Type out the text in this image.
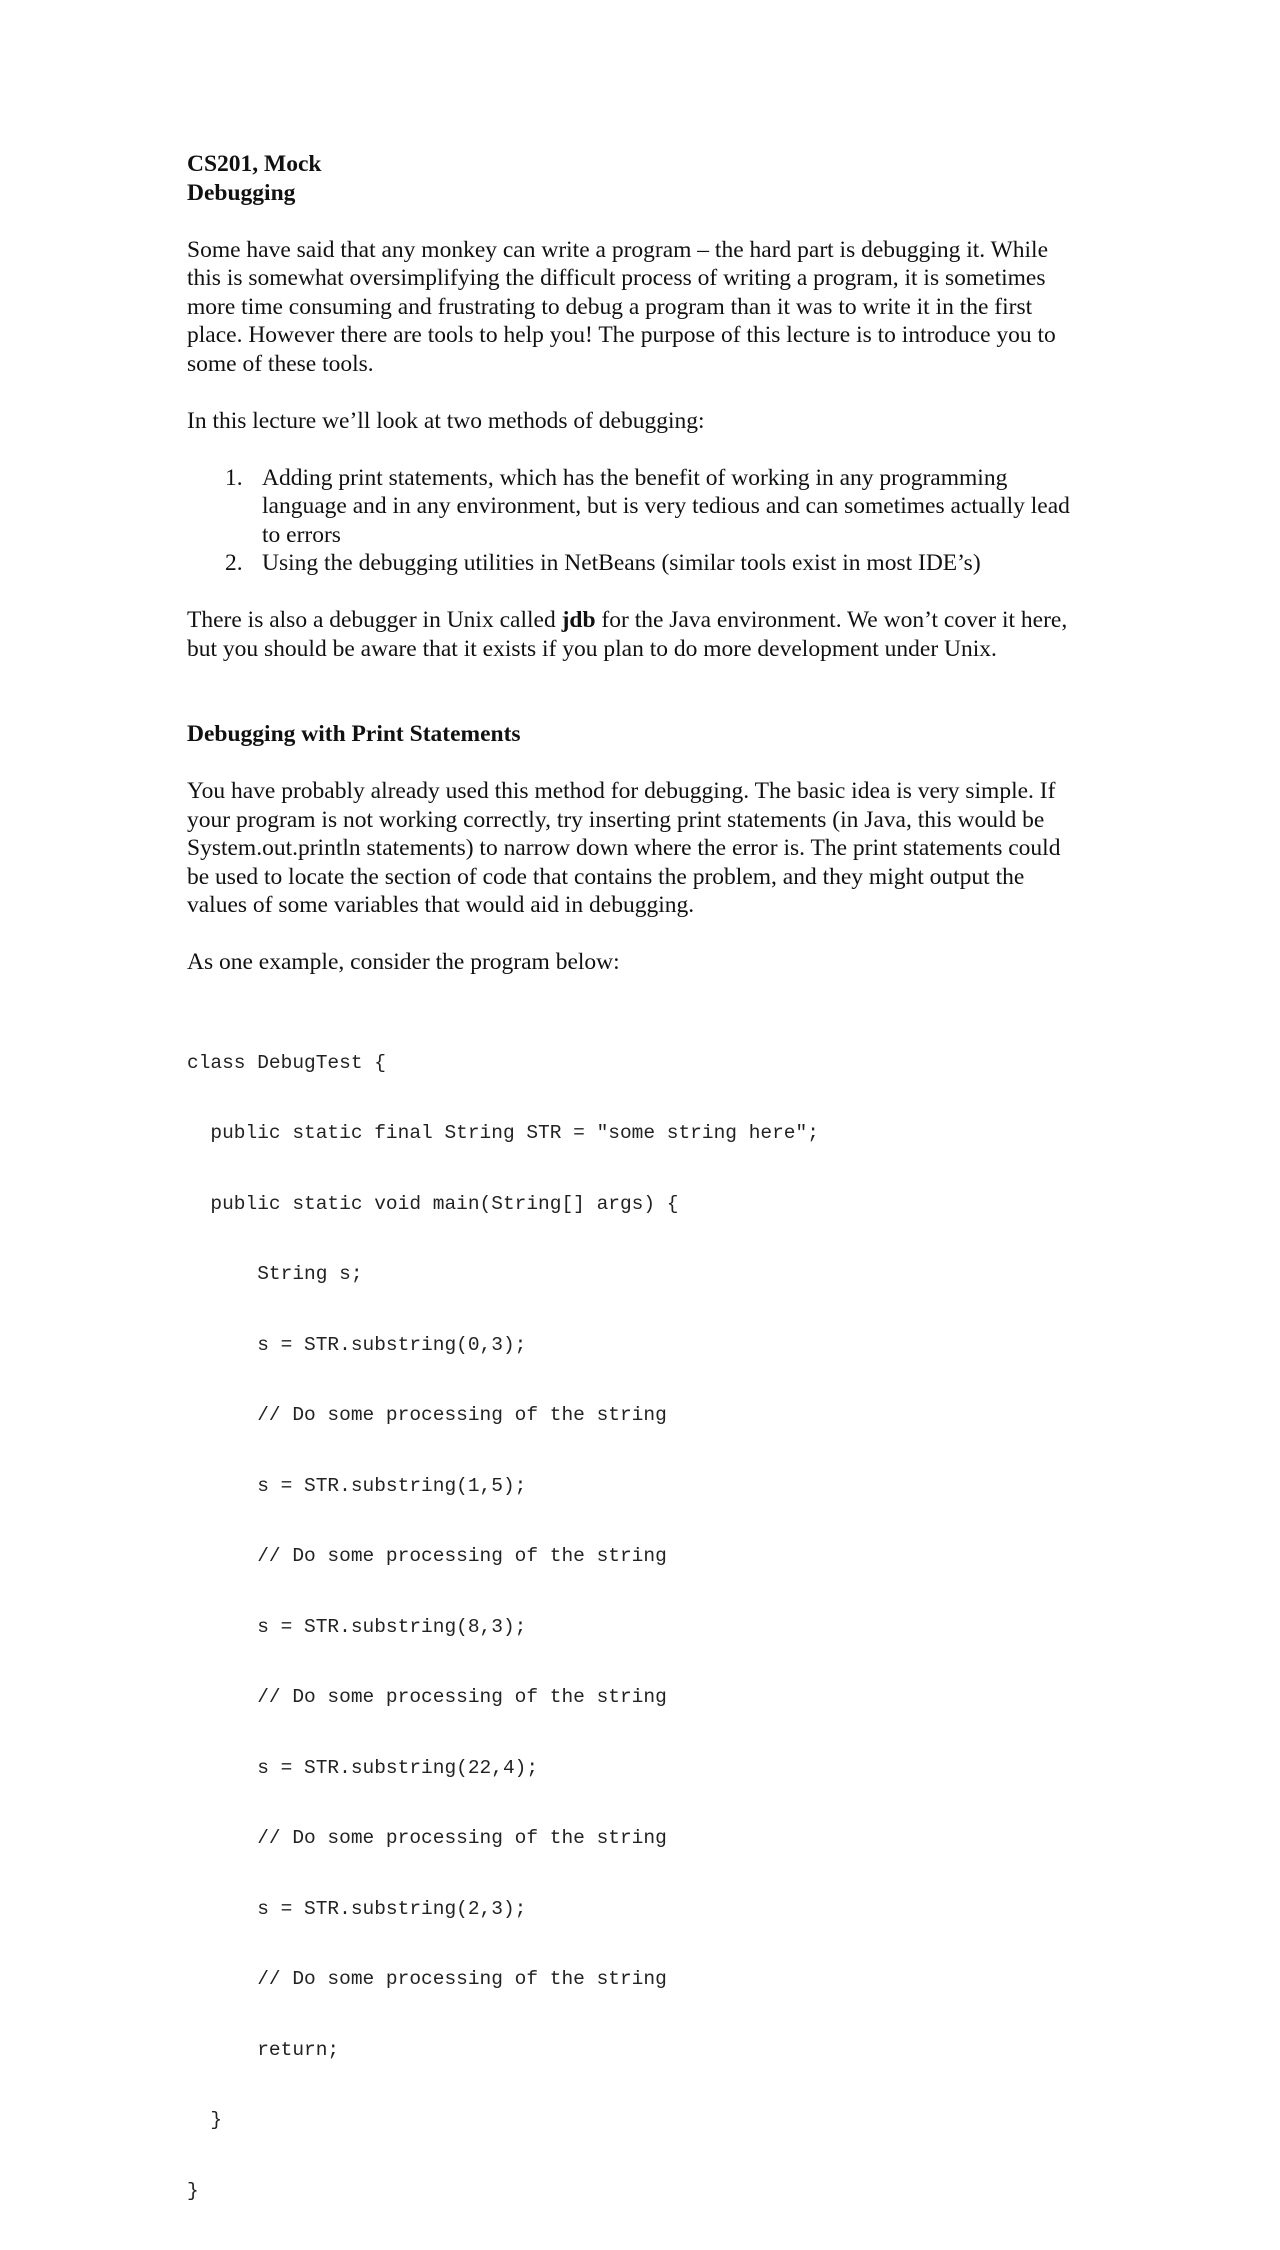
CS201, Mock
Debugging

Some have said that any monkey can write a program – the hard part is debugging it. While this is somewhat oversimplifying the difficult process of writing a program, it is sometimes more time consuming and frustrating to debug a program than it was to write it in the first place. However there are tools to help you! The purpose of this lecture is to introduce you to some of these tools.

In this lecture we’ll look at two methods of debugging:

1. Adding print statements, which has the benefit of working in any programming language and in any environment, but is very tedious and can sometimes actually lead to errors
2. Using the debugging utilities in NetBeans (similar tools exist in most IDE’s)

There is also a debugger in Unix called jdb for the Java environment. We won’t cover it here, but you should be aware that it exists if you plan to do more development under Unix.

Debugging with Print Statements

You have probably already used this method for debugging. The basic idea is very simple. If your program is not working correctly, try inserting print statements (in Java, this would be System.out.println statements) to narrow down where the error is. The print statements could be used to locate the section of code that contains the problem, and they might output the values of some variables that would aid in debugging.

As one example, consider the program below:

class DebugTest {

public static final String STR = "some string here";

public static void main(String[] args) {

String s;

s = STR.substring(0,3);

// Do some processing of the string

s = STR.substring(1,5);

// Do some processing of the string

s = STR.substring(8,3);

// Do some processing of the string

s = STR.substring(22,4);

// Do some processing of the string

s = STR.substring(2,3);

// Do some processing of the string

return;

}

}
